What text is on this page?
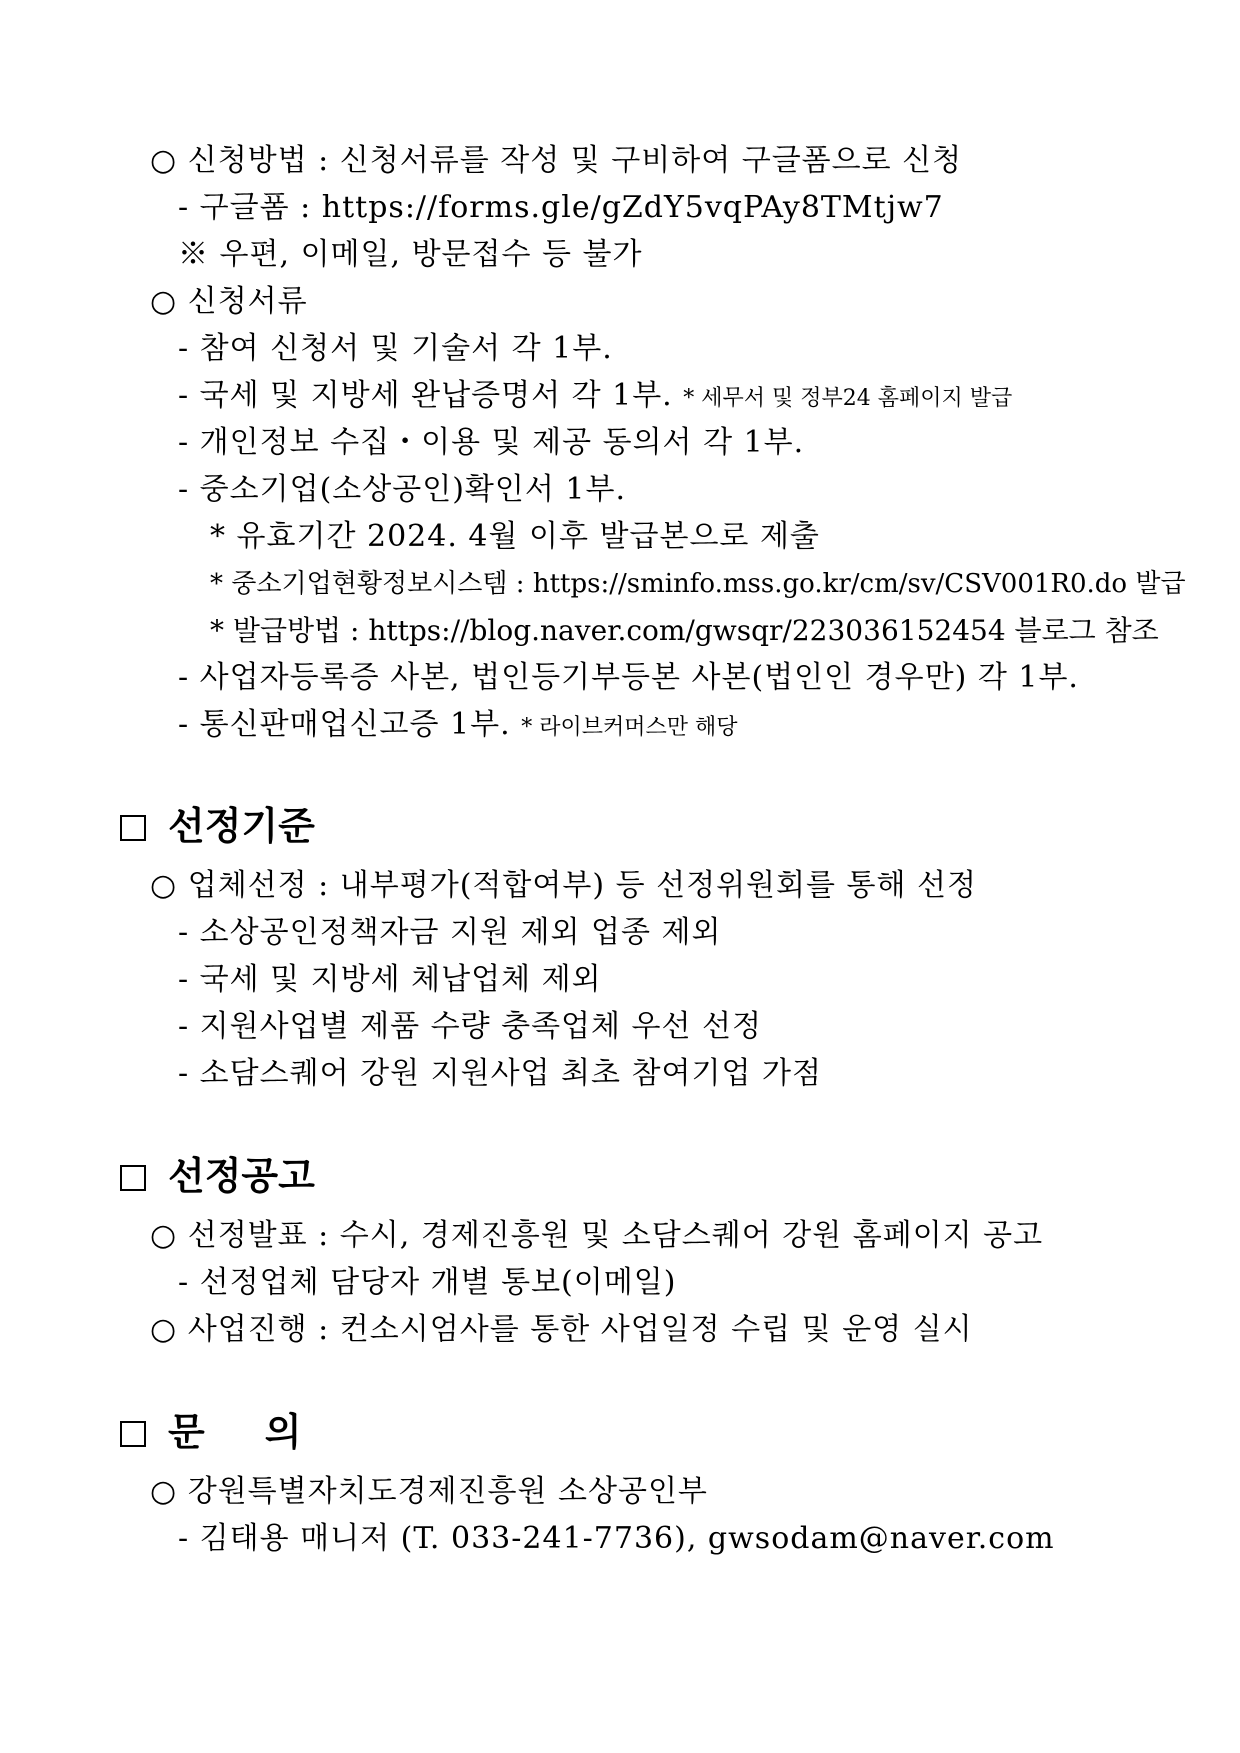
○ 신청방법 : 신청서류를 작성 및 구비하여 구글폼으로 신청
- 구글폼 : https://forms.gle/gZdY5vqPAy8TMtjw7
※ 우편, 이메일, 방문접수 등 불가
○ 신청서류
- 참여 신청서 및 기술서 각 1부.
- 국세 및 지방세 완납증명서 각 1부. * 세무서 및 정부24 홈페이지 발급
- 개인정보 수집・이용 및 제공 동의서 각 1부.
- 중소기업(소상공인)확인서 1부.
* 유효기간 2024. 4월 이후 발급본으로 제출
* 중소기업현황정보시스템 : https://sminfo.mss.go.kr/cm/sv/CSV001R0.do 발급
* 발급방법 : https://blog.naver.com/gwsqr/223036152454 블로그 참조
- 사업자등록증 사본, 법인등기부등본 사본(법인인 경우만) 각 1부.
- 통신판매업신고증 1부. * 라이브커머스만 해당
선정기준
○ 업체선정 : 내부평가(적합여부) 등 선정위원회를 통해 선정
- 소상공인정책자금 지원 제외 업종 제외
- 국세 및 지방세 체납업체 제외
- 지원사업별 제품 수량 충족업체 우선 선정
- 소담스퀘어 강원 지원사업 최초 참여기업 가점
선정공고
○ 선정발표 : 수시, 경제진흥원 및 소담스퀘어 강원 홈페이지 공고
- 선정업체 담당자 개별 통보(이메일)
○ 사업진행 : 컨소시엄사를 통한 사업일정 수립 및 운영 실시
문의
○ 강원특별자치도경제진흥원 소상공인부
- 김태용 매니저 (T. 033-241-7736), gwsodam@naver.com
